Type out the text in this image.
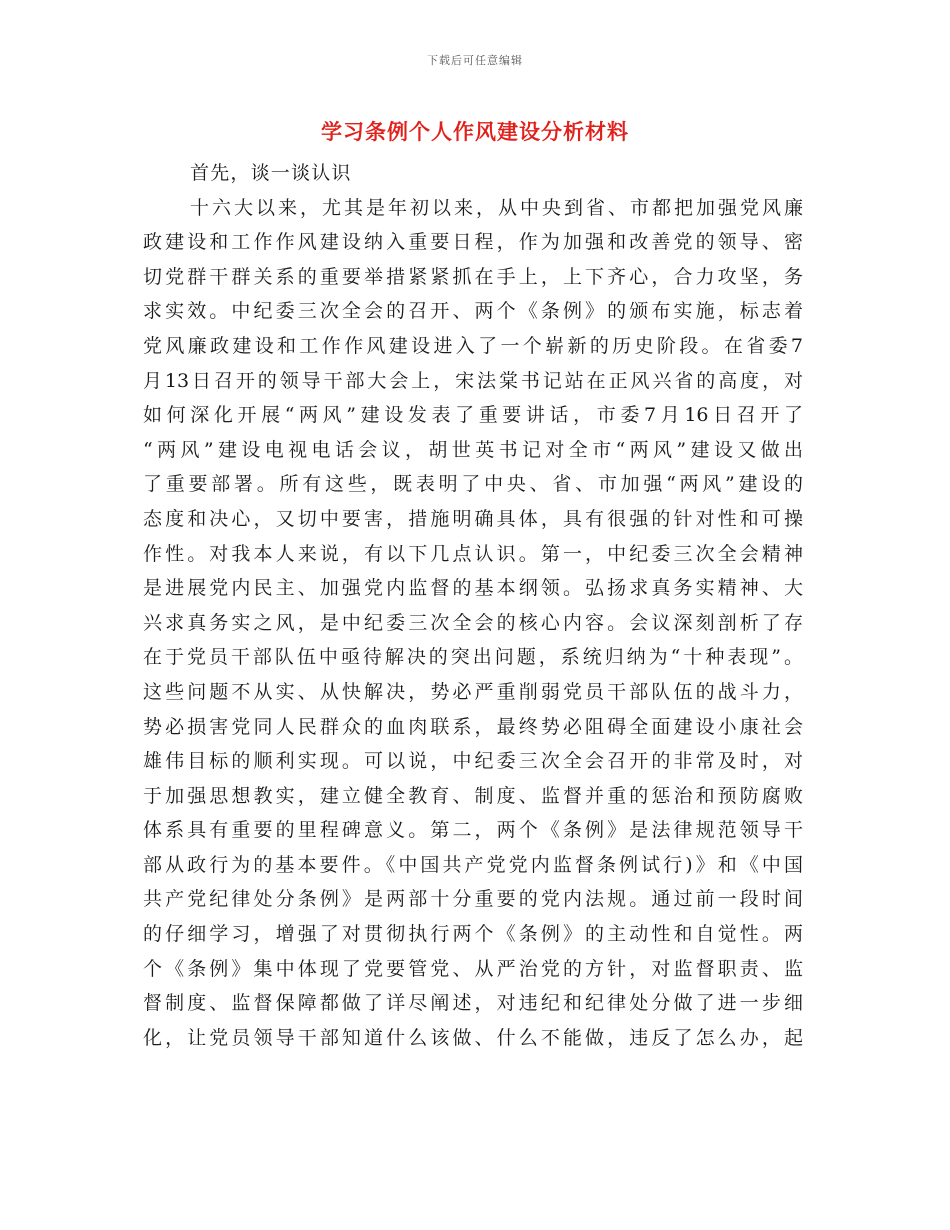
下载后可任意编辑
学习条例个人作风建设分析材料
首先，谈一谈认识
十六大以来，尤其是年初以来，从中央到省、市都把加强党风廉
政建设和工作作风建设纳入重要日程，作为加强和改善党的领导、密
切党群干群关系的重要举措紧紧抓在手上，上下齐心，合力攻坚，务
求实效。中纪委三次全会的召开、两个《条例》的颁布实施，标志着
党风廉政建设和工作作风建设进入了一个崭新的历史阶段。在省委7
月13日召开的领导干部大会上，宋法棠书记站在正风兴省的高度，对
如何深化开展“两风”建设发表了重要讲话，市委7月16日召开了
“两风”建设电视电话会议，胡世英书记对全市“两风”建设又做出
了重要部署。所有这些，既表明了中央、省、市加强“两风”建设的
态度和决心，又切中要害，措施明确具体，具有很强的针对性和可操
作性。对我本人来说，有以下几点认识。第一，中纪委三次全会精神
是进展党内民主、加强党内监督的基本纲领。弘扬求真务实精神、大
兴求真务实之风，是中纪委三次全会的核心内容。会议深刻剖析了存
在于党员干部队伍中亟待解决的突出问题，系统归纳为“十种表现”。
这些问题不从实、从快解决，势必严重削弱党员干部队伍的战斗力，
势必损害党同人民群众的血肉联系，最终势必阻碍全面建设小康社会
雄伟目标的顺利实现。可以说，中纪委三次全会召开的非常及时，对
于加强思想教实，建立健全教育、制度、监督并重的惩治和预防腐败
体系具有重要的里程碑意义。第二，两个《条例》是法律规范领导干
部从政行为的基本要件。《中国共产党党内监督条例试行)》和《中国
共产党纪律处分条例》是两部十分重要的党内法规。通过前一段时间
的仔细学习，增强了对贯彻执行两个《条例》的主动性和自觉性。两
个《条例》集中体现了党要管党、从严治党的方针，对监督职责、监
督制度、监督保障都做了详尽阐述，对违纪和纪律处分做了进一步细
化，让党员领导干部知道什么该做、什么不能做，违反了怎么办，起
